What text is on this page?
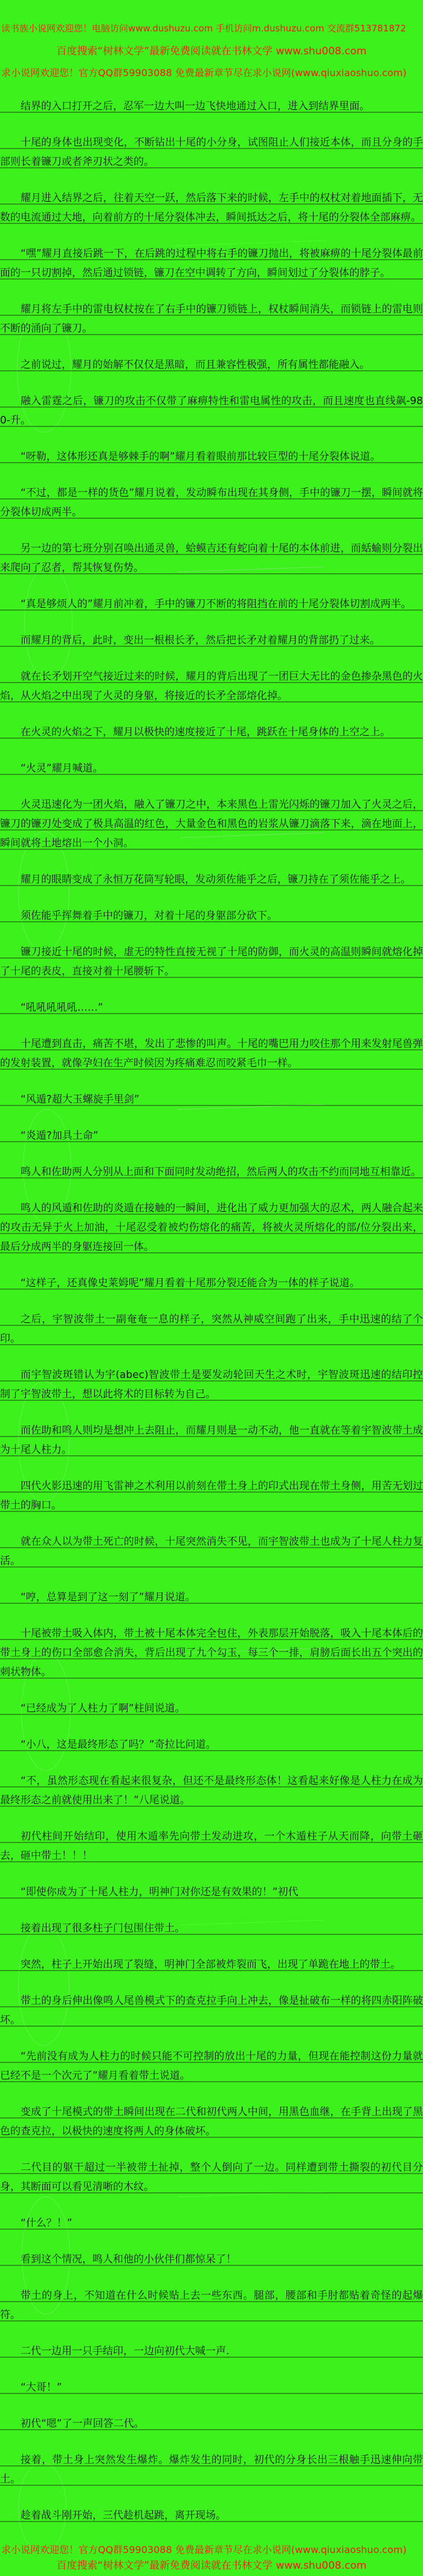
读书族小说网欢迎您！电脑访问www.dushuzu.com 手机访问m.dushuzu.com 交流群513781872
百度搜索“树林文学”最新免费阅读就在书林文学 www.shu008.com
求小说网欢迎您！官方QQ群59903088 免费最新章节尽在求小说网(www.qiuxiaoshuo.com)

结界的入口打开之后，忍军一边大叫一边飞快地通过入口，进入到结界里面。

十尾的身体也出现变化，不断钻出十尾的小分身，试图阻止人们接近本体，而且分身的手部则长着镰刀或者斧刃状之类的。

耀月进入结界之后，往着天空一跃，然后落下来的时候，左手中的权杖对着地面插下，无数的电流通过大地，向着前方的十尾分裂体冲去，瞬间抵达之后，将十尾的分裂体全部麻痹。

“嘿”耀月直接后跳一下，在后跳的过程中将右手的镰刀抛出，将被麻痹的十尾分裂体最前面的一只切割掉，然后通过锁链，镰刀在空中调转了方向，瞬间划过了分裂体的脖子。

耀月将左手中的雷电权杖按在了右手中的镰刀锁链上，权杖瞬间消失，而锁链上的雷电则不断的涌向了镰刀。

之前说过，耀月的始解不仅仅是黑暗，而且兼容性极强，所有属性都能融入。

融入雷霆之后，镰刀的攻击不仅带了麻痹特性和雷电属性的攻击，而且速度也直线飙-980-升。

“呀勒，这体形还真是够棘手的啊”耀月看着眼前那比较巨型的十尾分裂体说道。

“不过，都是一样的货色”耀月说着，发动瞬布出现在其身侧，手中的镰刀一摆，瞬间就将分裂体切成两半。

另一边的第七班分别召唤出通灵兽，蛤蟆吉还有蛇向着十尾的本体前进，而蛞蝓则分裂出来爬向了忍者，帮其恢复伤势。

“真是够烦人的”耀月前冲着，手中的镰刀不断的将阻挡在前的十尾分裂体切割成两半。

而耀月的背后，此时，变出一根根长矛，然后把长矛对着耀月的背部扔了过来。

就在长矛划开空气接近过来的时候，耀月的背后出现了一团巨大无比的金色掺杂黑色的火焰，从火焰之中出现了火灵的身躯，将接近的长矛全部熔化掉。

在火灵的火焰之下，耀月以极快的速度接近了十尾，跳跃在十尾身体的上空之上。

“火灵”耀月喊道。

火灵迅速化为一团火焰，融入了镰刀之中，本来黑色上雷光闪烁的镰刀加入了火灵之后，镰刀的镰刃处变成了极具高温的红色，大量金色和黑色的岩浆从镰刀滴落下来，滴在地面上，瞬间就将土地熔出一个小洞。

耀月的眼睛变成了永恒万花筒写轮眼，发动须佐能乎之后，镰刀持在了须佐能乎之上。

须佐能乎挥舞着手中的镰刀，对着十尾的身躯部分砍下。

镰刀接近十尾的时候，虚无的特性直接无视了十尾的防御，而火灵的高温则瞬间就熔化掉了十尾的表皮，直接对着十尾腰斩下。

“吼吼吼吼吼……”

十尾遭到直击，痛苦不堪，发出了悲惨的叫声。十尾的嘴巴用力咬住那个用来发射尾兽弹的发射装置，就像孕妇在生产时候因为疼痛难忍而咬紧毛巾一样。

“风遁?超大玉螺旋手里剑”

“炎遁?加具土命”

鸣人和佐助两人分别从上面和下面同时发动绝招，然后两人的攻击不约而同地互相靠近。

鸣人的风遁和佐助的炎遁在接触的一瞬间，进化出了威力更加强大的忍术，两人融合起来的攻击无异于火上加油，十尾忍受着被灼伤熔化的痛苦，将被火灵所熔化的部/位分裂出来，最后分成两半的身躯连接回一体。

“这样子，还真像史莱姆呢”耀月看着十尾那分裂还能合为一体的样子说道。

之后，宇智波带土一副奄奄一息的样子，突然从神威空间跑了出来，手中迅速的结了个印。

而宇智波斑错认为宇(abec)智波带土是要发动轮回天生之术时，宇智波斑迅速的结印控制了宇智波带土，想以此将术的目标转为自己。

而佐助和鸣人则均是想冲上去阻止，而耀月则是一动不动，他一直就在等着宇智波带土成为十尾人柱力。

四代火影迅速的用飞雷神之术利用以前刻在带土身上的印式出现在带土身侧，用苦无划过带土的胸口。

就在众人以为带土死亡的时候，十尾突然消失不见，而宇智波带土也成为了十尾人柱力复活。

“哼，总算是到了这一刻了”耀月说道。

十尾被带土吸入体内，带土被十尾本体完全包住，外表那层开始脱落，吸入十尾本体后的带土身上的伤口全部愈合消失，背后出现了九个勾玉，每三个一排，肩膀后面长出五个突出的刺状物体。

“已经成为了人柱力了啊”柱间说道。

“小八，这是最终形态了吗？”奇拉比问道。

“不，虽然形态现在看起来很复杂，但还不是最终形态体！这看起来好像是人柱力在成为最终形态之前就使用出来了！”八尾说道。

初代柱间开始结印，使用木遁率先向带土发动进攻，一个木遁柱子从天而降，向带土砸去，砸中带土！！！

“即使你成为了十尾人柱力，明神门对你还是有效果的！”初代

接着出现了很多柱子门包围住带土。

突然，柱子上开始出现了裂缝，明神门全部被炸裂而飞，出现了单跪在地上的带土。

带土的身后伸出像鸣人尾兽模式下的查克拉手向上冲去，像是扯破布一样的将四赤阳阵破坏。

“先前没有成为人柱力的时候只能不可控制的放出十尾的力量，但现在能控制这份力量就已经不是一个次元了”耀月看着带土说道。

变成了十尾模式的带土瞬间出现在二代和初代两人中间，用黑色血继，在手背上出现了黑色的查克拉，以极快的速度将两人的身体破坏。

二代目的躯干超过一半被带土扯掉，整个人倒向了一边。同样遭到带土撕裂的初代目分身，其断面可以看见清晰的木纹。

“什么？！”

看到这个情况，鸣人和他的小伙伴们都惊呆了！

带土的身上，不知道在什么时候贴上去一些东西。腿部，腰部和手肘都贴着奇怪的起爆符。

二代一边用一只手结印，一边向初代大喊一声.

“大哥！”

初代“嗯”了一声回答二代。

接着，带土身上突然发生爆炸。爆炸发生的同时，初代的分身长出三根触手迅速伸向带土。

趁着战斗刚开始，三代趁机起跳，离开现场。

求小说网欢迎您！官方QQ群59903088 免费最新章节尽在求小说网(www.qiuxiaoshuo.com)
百度搜索“树林文学”最新免费阅读就在书林文学 www.shu008.com
